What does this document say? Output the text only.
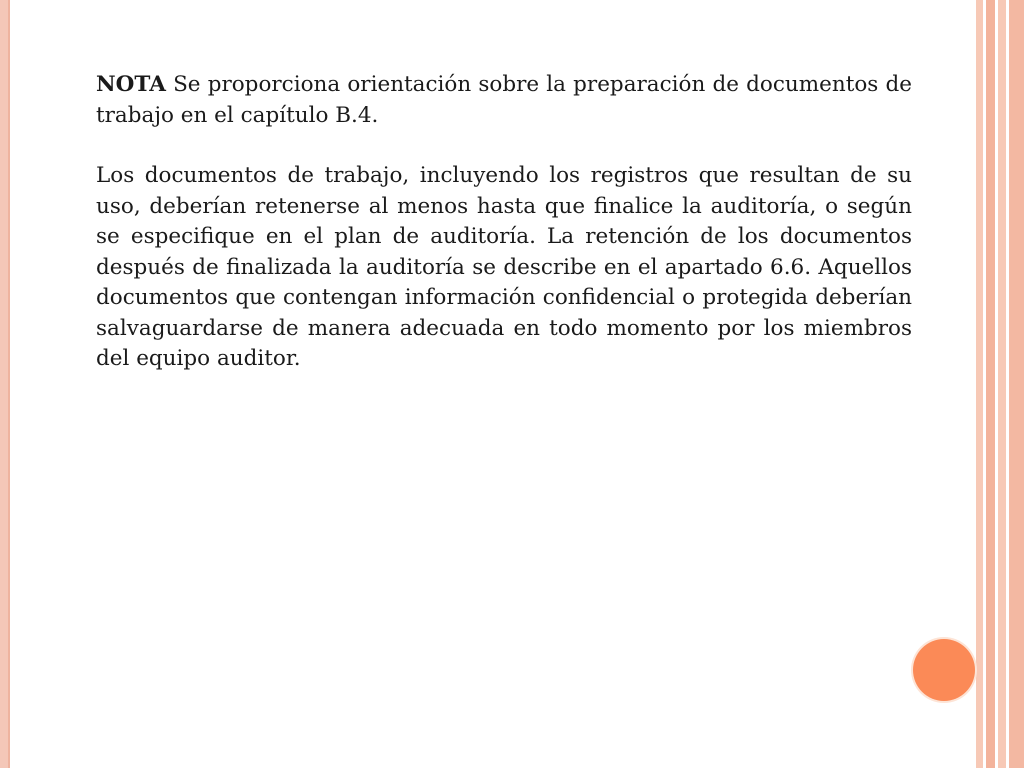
NOTA Se proporciona orientación sobre la preparación de documentos de trabajo en el capítulo B.4.

Los documentos de trabajo, incluyendo los registros que resultan de su uso, deberían retenerse al menos hasta que finalice la auditoría, o según se especifique en el plan de auditoría. La retención de los documentos después de finalizada la auditoría se describe en el apartado 6.6. Aquellos documentos que contengan información confidencial o protegida deberían salvaguardarse de manera adecuada en todo momento por los miembros del equipo auditor.
